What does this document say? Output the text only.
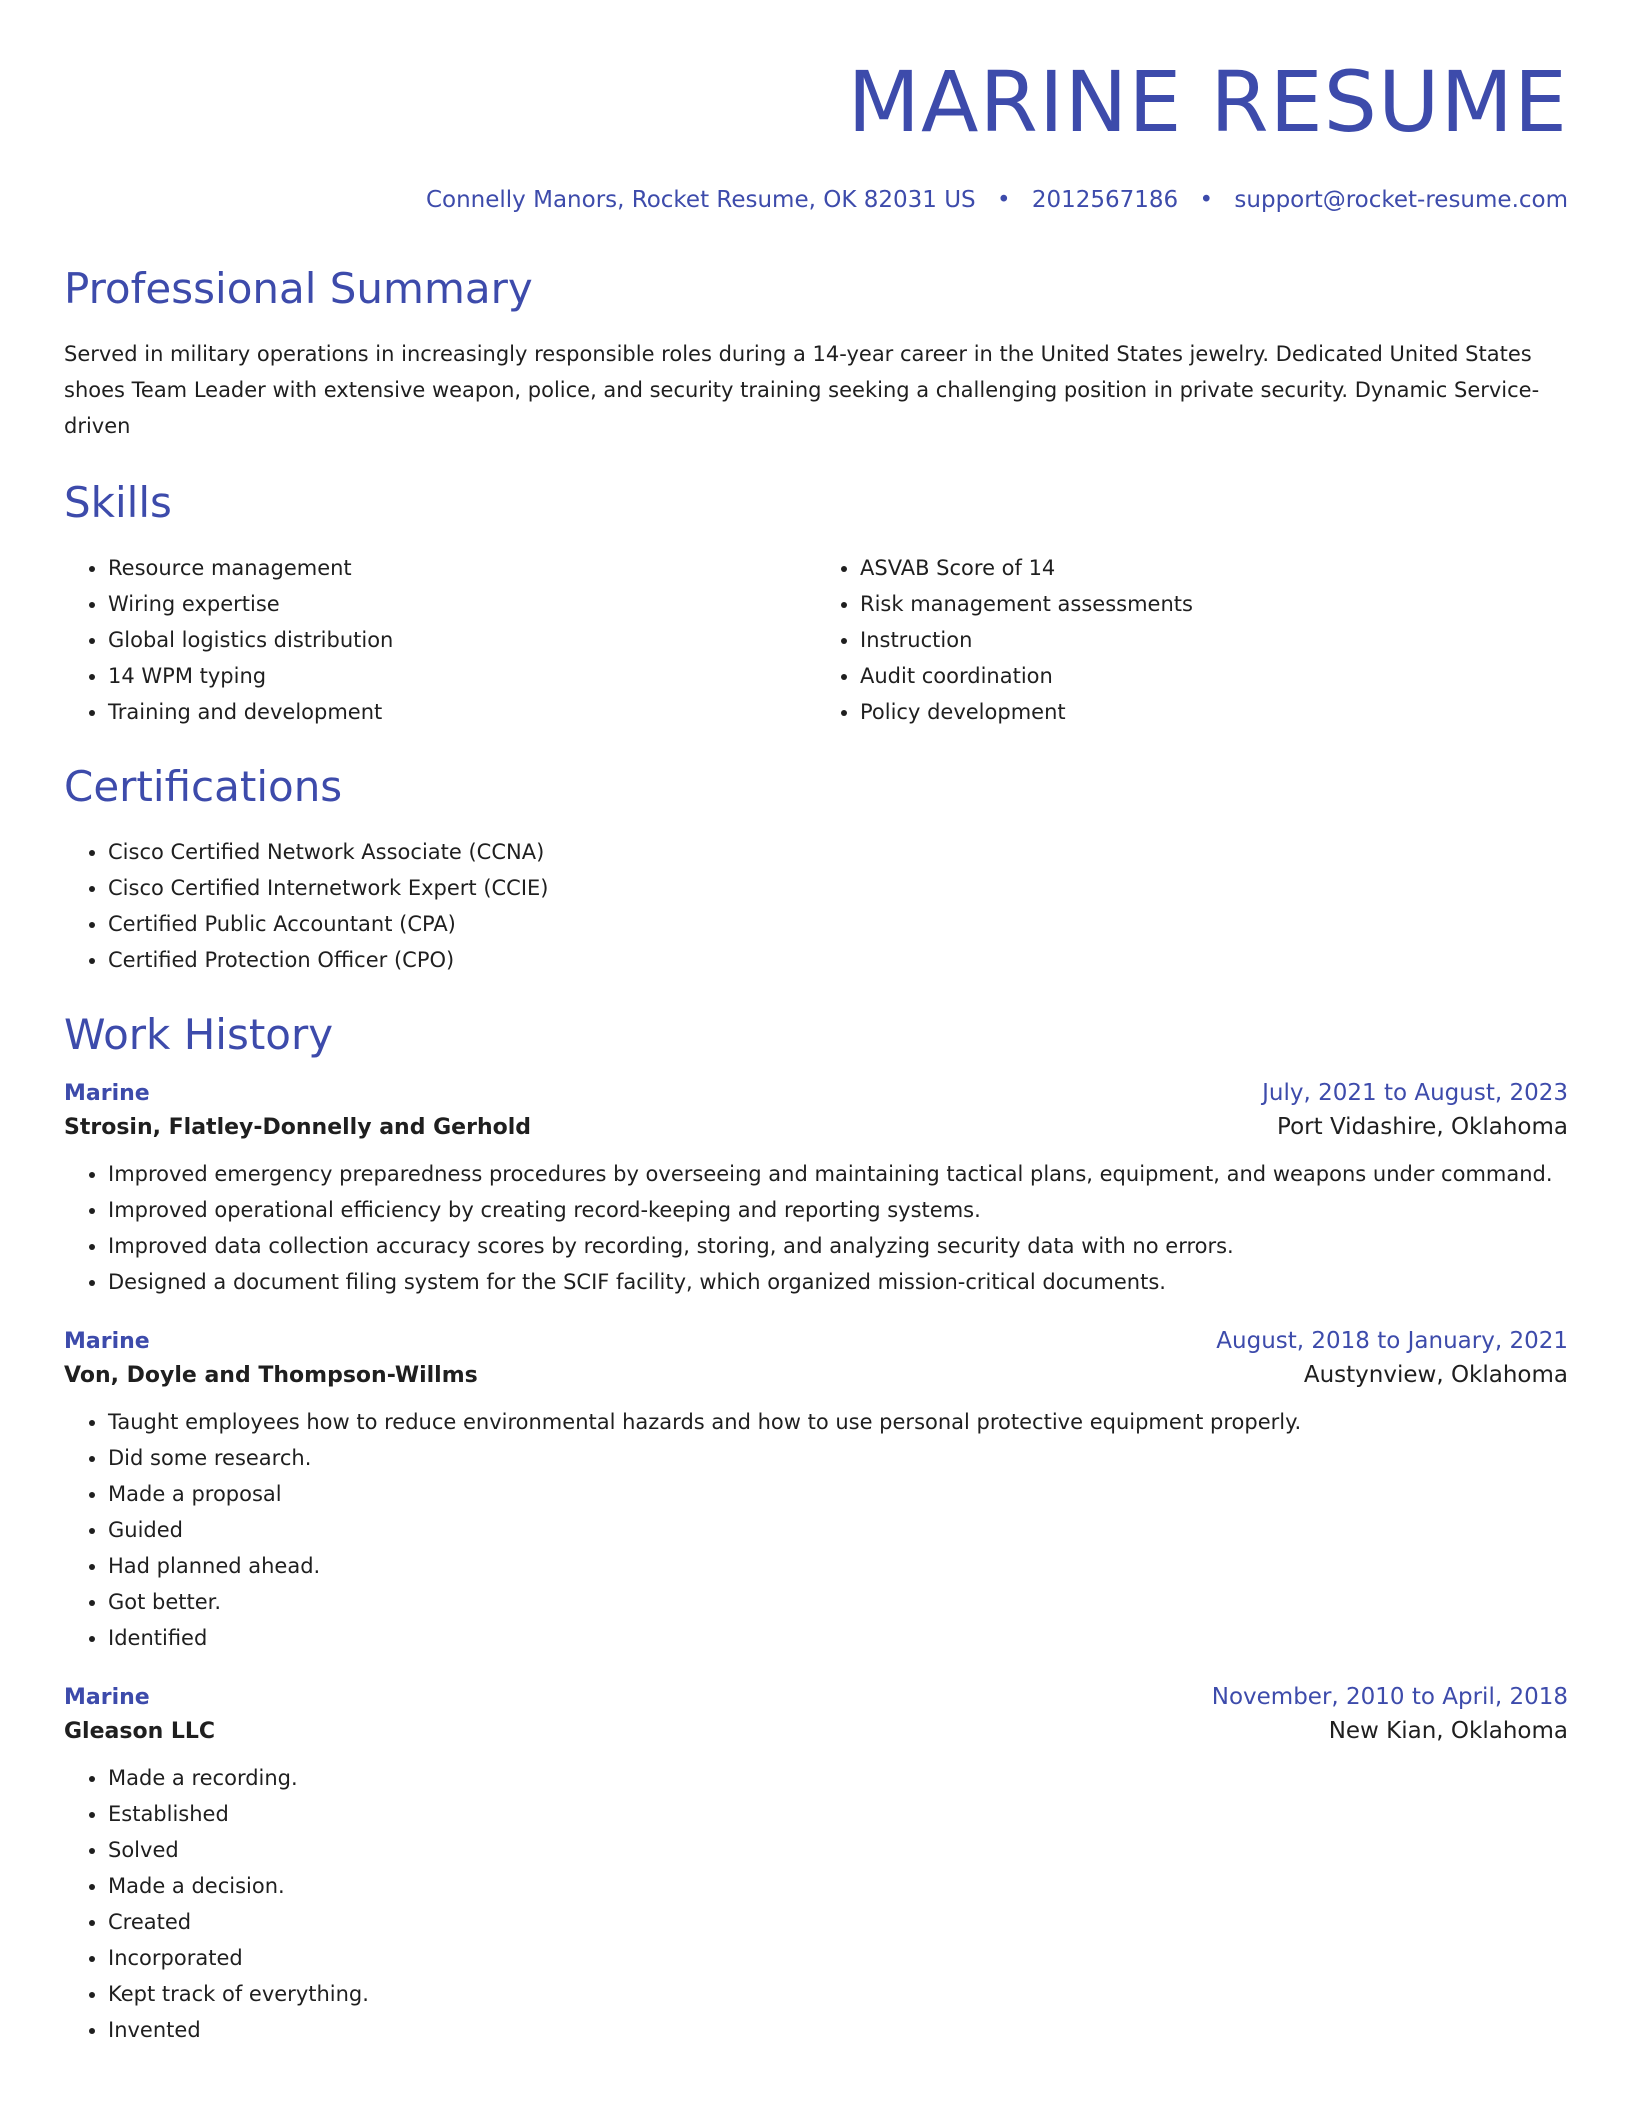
MARINE RESUME
Connelly Manors, Rocket Resume, OK 82031 US • 2012567186 • support@rocket-resume.com
Professional Summary
Served in military operations in increasingly responsible roles during a 14-year career in the United States jewelry. Dedicated United States shoes Team Leader with extensive weapon, police, and security training seeking a challenging position in private security. Dynamic Service-driven
Skills
• Resource management
• Wiring expertise
• Global logistics distribution
• 14 WPM typing
• Training and development
• ASVAB Score of 14
• Risk management assessments
• Instruction
• Audit coordination
• Policy development
Certifications
• Cisco Certified Network Associate (CCNA)
• Cisco Certified Internetwork Expert (CCIE)
• Certified Public Accountant (CPA)
• Certified Protection Officer (CPO)
Work History
Marine	July, 2021 to August, 2023
Strosin, Flatley-Donnelly and Gerhold	Port Vidashire, Oklahoma
• Improved emergency preparedness procedures by overseeing and maintaining tactical plans, equipment, and weapons under command.
• Improved operational efficiency by creating record-keeping and reporting systems.
• Improved data collection accuracy scores by recording, storing, and analyzing security data with no errors.
• Designed a document filing system for the SCIF facility, which organized mission-critical documents.
Marine	August, 2018 to January, 2021
Von, Doyle and Thompson-Willms	Austynview, Oklahoma
• Taught employees how to reduce environmental hazards and how to use personal protective equipment properly.
• Did some research.
• Made a proposal
• Guided
• Had planned ahead.
• Got better.
• Identified
Marine	November, 2010 to April, 2018
Gleason LLC	New Kian, Oklahoma
• Made a recording.
• Established
• Solved
• Made a decision.
• Created
• Incorporated
• Kept track of everything.
• Invented
